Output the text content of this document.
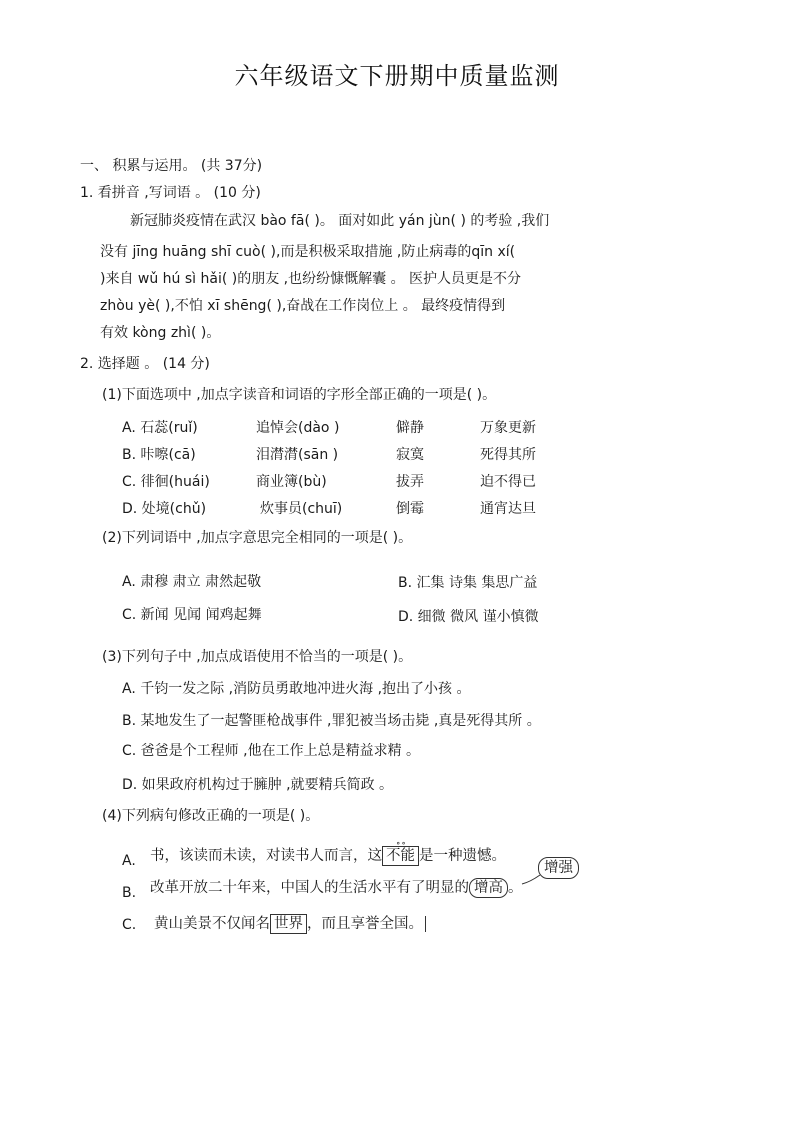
六年级语文下册期中质量监测
一、 积累与运用。 (共 37分)
1. 看拼音 ,写词语 。 (10 分)
新冠肺炎疫情在武汉 bào fā( )。 面对如此 yán jùn( ) 的考验 ,我们
没有 jīng huāng shī cuò( ),而是积极采取措施 ,防止病毒的qīn xí(
)来自 wǔ hú sì hǎi( )的朋友 ,也纷纷慷慨解囊 。 医护人员更是不分
zhòu yè( ),不怕 xī shēng( ),奋战在工作岗位上 。 最终疫情得到
有效 kòng zhì( )。
2. 选择题 。 (14 分)
(1)下面选项中 ,加点字读音和词语的字形全部正确的一项是( )。
A. 石蕊(ruǐ)	追悼会(dào )	僻静	万象更新
B. 咔嚓(cā)	泪潸潸(sān )	寂寞	死得其所
C. 徘徊(huái)	商业簿(bù)	拔弄	迫不得已
D. 处境(chǔ)	炊事员(chuī)	倒霉	通宵达旦
(2)下列词语中 ,加点字意思完全相同的一项是( )。
A. 肃穆 肃立 肃然起敬	B. 汇集 诗集 集思广益
C. 新闻 见闻 闻鸡起舞	D. 细微 微风 谨小慎微
(3)下列句子中 ,加点成语使用不恰当的一项是( )。
A. 千钧一发之际 ,消防员勇敢地冲进火海 ,抱出了小孩 。
B. 某地发生了一起警匪枪战事件 ,罪犯被当场击毙 ,真是死得其所 。
C. 爸爸是个工程师 ,他在工作上总是精益求精 。
D. 如果政府机构过于臃肿 ,就要精兵简政 。
(4)下列病句修改正确的一项是( )。
A. 书，该读而未读，对读书人而言，这
∘∘
不能 是一种遗憾。
B. 改革开放二十年来，中国人的生活水平有了明显的 增高 。
增强
C. 黄山美景不仅闻名 世界 ，而且享誉全国。
